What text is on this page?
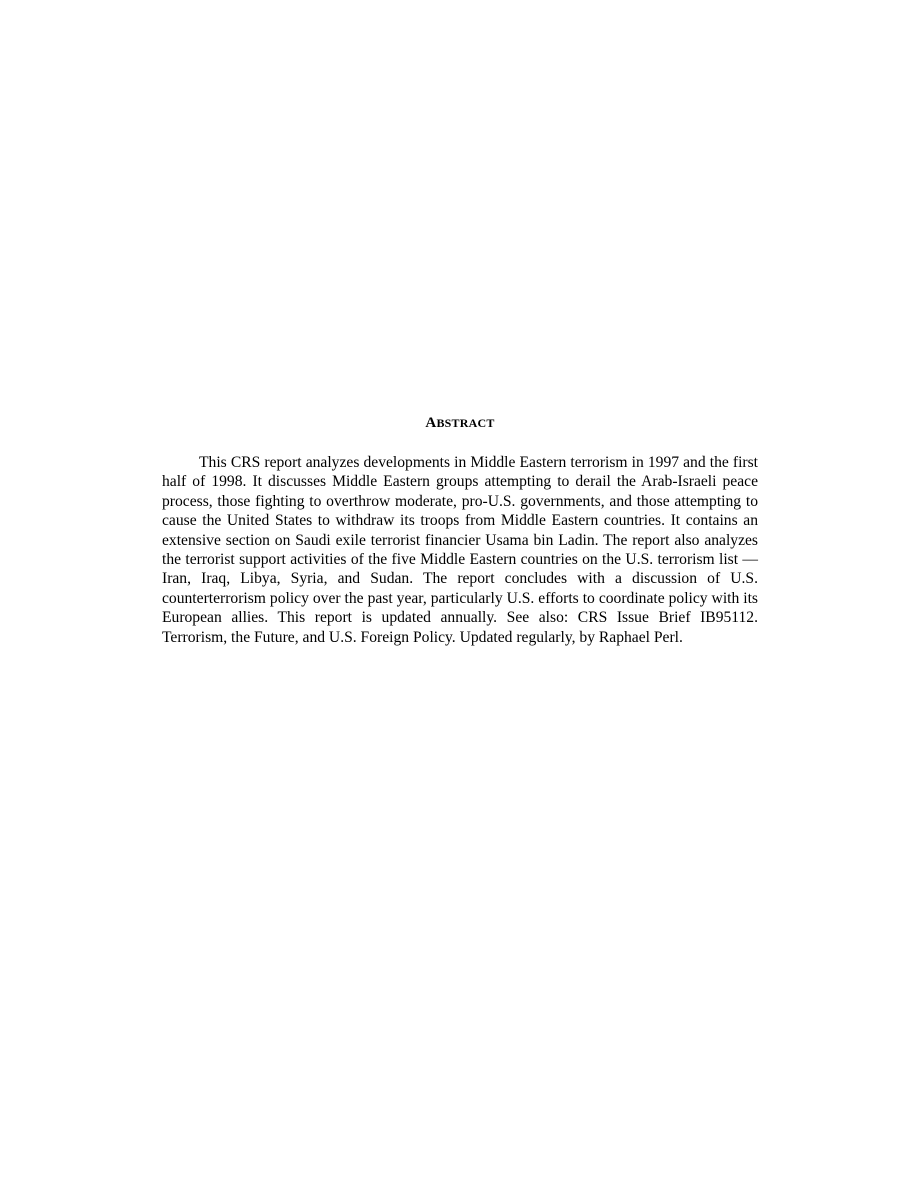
ABSTRACT

This CRS report analyzes developments in Middle Eastern terrorism in 1997 and the first half of 1998. It discusses Middle Eastern groups attempting to derail the Arab-Israeli peace process, those fighting to overthrow moderate, pro-U.S. governments, and those attempting to cause the United States to withdraw its troops from Middle Eastern countries. It contains an extensive section on Saudi exile terrorist financier Usama bin Ladin. The report also analyzes the terrorist support activities of the five Middle Eastern countries on the U.S. terrorism list — Iran, Iraq, Libya, Syria, and Sudan. The report concludes with a discussion of U.S. counterterrorism policy over the past year, particularly U.S. efforts to coordinate policy with its European allies. This report is updated annually. See also: CRS Issue Brief IB95112. Terrorism, the Future, and U.S. Foreign Policy. Updated regularly, by Raphael Perl.
